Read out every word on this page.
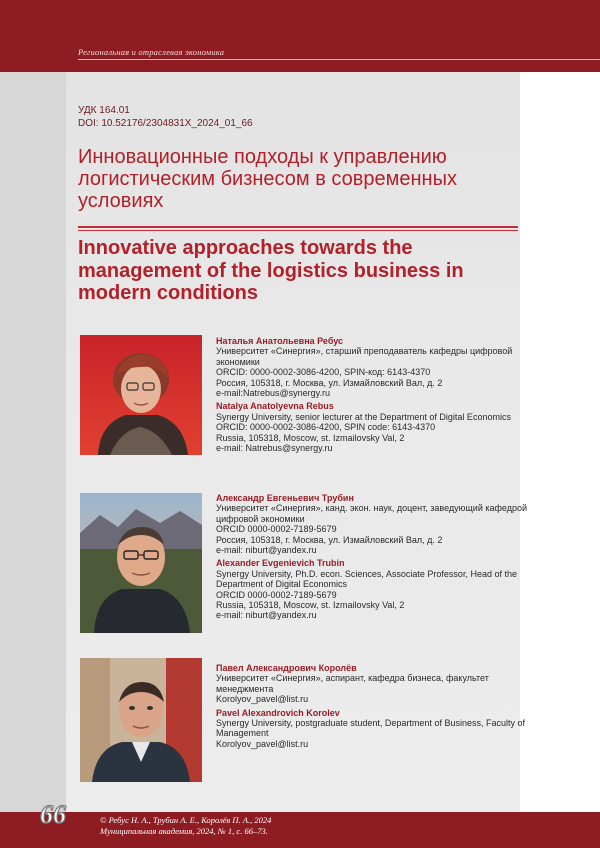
Региональная и отраслевая экономика
УДК 164.01
DOI: 10.52176/2304831X_2024_01_66
Инновационные подходы к управлению логистическим бизнесом в современных условиях
Innovative approaches towards the management of the logistics business in modern conditions
Наталья Анатольевна Ребус
Университет «Синергия», старший преподаватель кафедры цифровой экономики
ORCID: 0000-0002-3086-4200, SPIN-код: 6143-4370
Россия, 105318, г. Москва, ул. Измайловский Вал, д. 2
e-mail:Natrebus@synergy.ru
Natalya Anatolyevna Rebus
Synergy University, senior lecturer at the Department of Digital Economics
ORCID: 0000-0002-3086-4200, SPIN code: 6143-4370
Russia, 105318, Moscow, st. Izmailovsky Val, 2
e-mail: Natrebus@synergy.ru
Александр Евгеньевич Трубин
Университет «Синергия», канд. экон. наук, доцент, заведующий кафедрой цифровой экономики
ORCID 0000-0002-7189-5679
Россия, 105318, г. Москва, ул. Измайловский Вал, д. 2
e-mail: niburt@yandex.ru
Alexander Evgenievich Trubin
Synergy University, Ph.D. econ. Sciences, Associate Professor, Head of the Department of Digital Economics
ORCID 0000-0002-7189-5679
Russia, 105318, Moscow, st. Izmailovsky Val, 2
e-mail: niburt@yandex.ru
Павел Александрович Королёв
Университет «Синергия», аспирант, кафедра бизнеса, факультет менеджмента
Korolyov_pavel@list.ru
Pavel Alexandrovich Korolev
Synergy University, postgraduate student, Department of Business, Faculty of Management
Korolyov_pavel@list.ru
66	© Ребус Н. А., Трубин А. Е., Королёв П. А., 2024
Муниципальная академия, 2024, № 1, с. 66–73.
